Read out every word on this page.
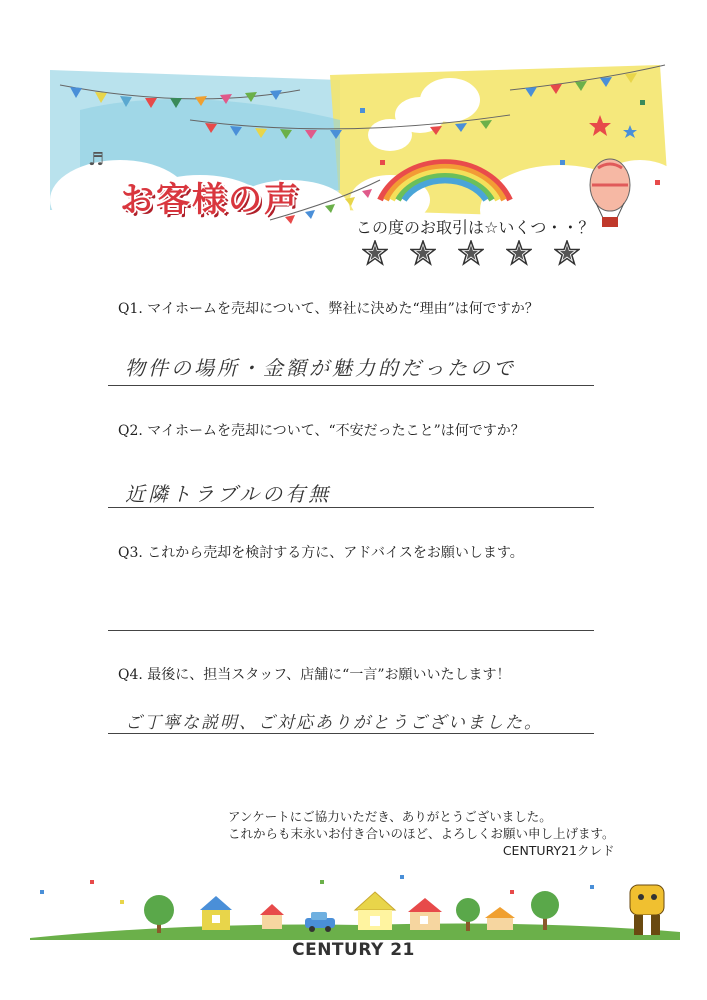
♬
お客様の声
この度のお取引は☆いくつ・・？
Q1. マイホームを売却について、弊社に決めた“理由”は何ですか？
物件の場所・金額が魅力的だったので
Q2. マイホームを売却について、“不安だったこと”は何ですか？
近隣トラブルの有無
Q3. これから売却を検討する方に、アドバイスをお願いします。
Q4. 最後に、担当スタッフ、店舗に“一言”お願いいたします！
ご丁寧な説明、ご対応ありがとうございました。
アンケートにご協力いただき、ありがとうございました。
これからも末永いお付き合いのほど、よろしくお願い申し上げます。
CENTURY21クレド
CENTURY 21
